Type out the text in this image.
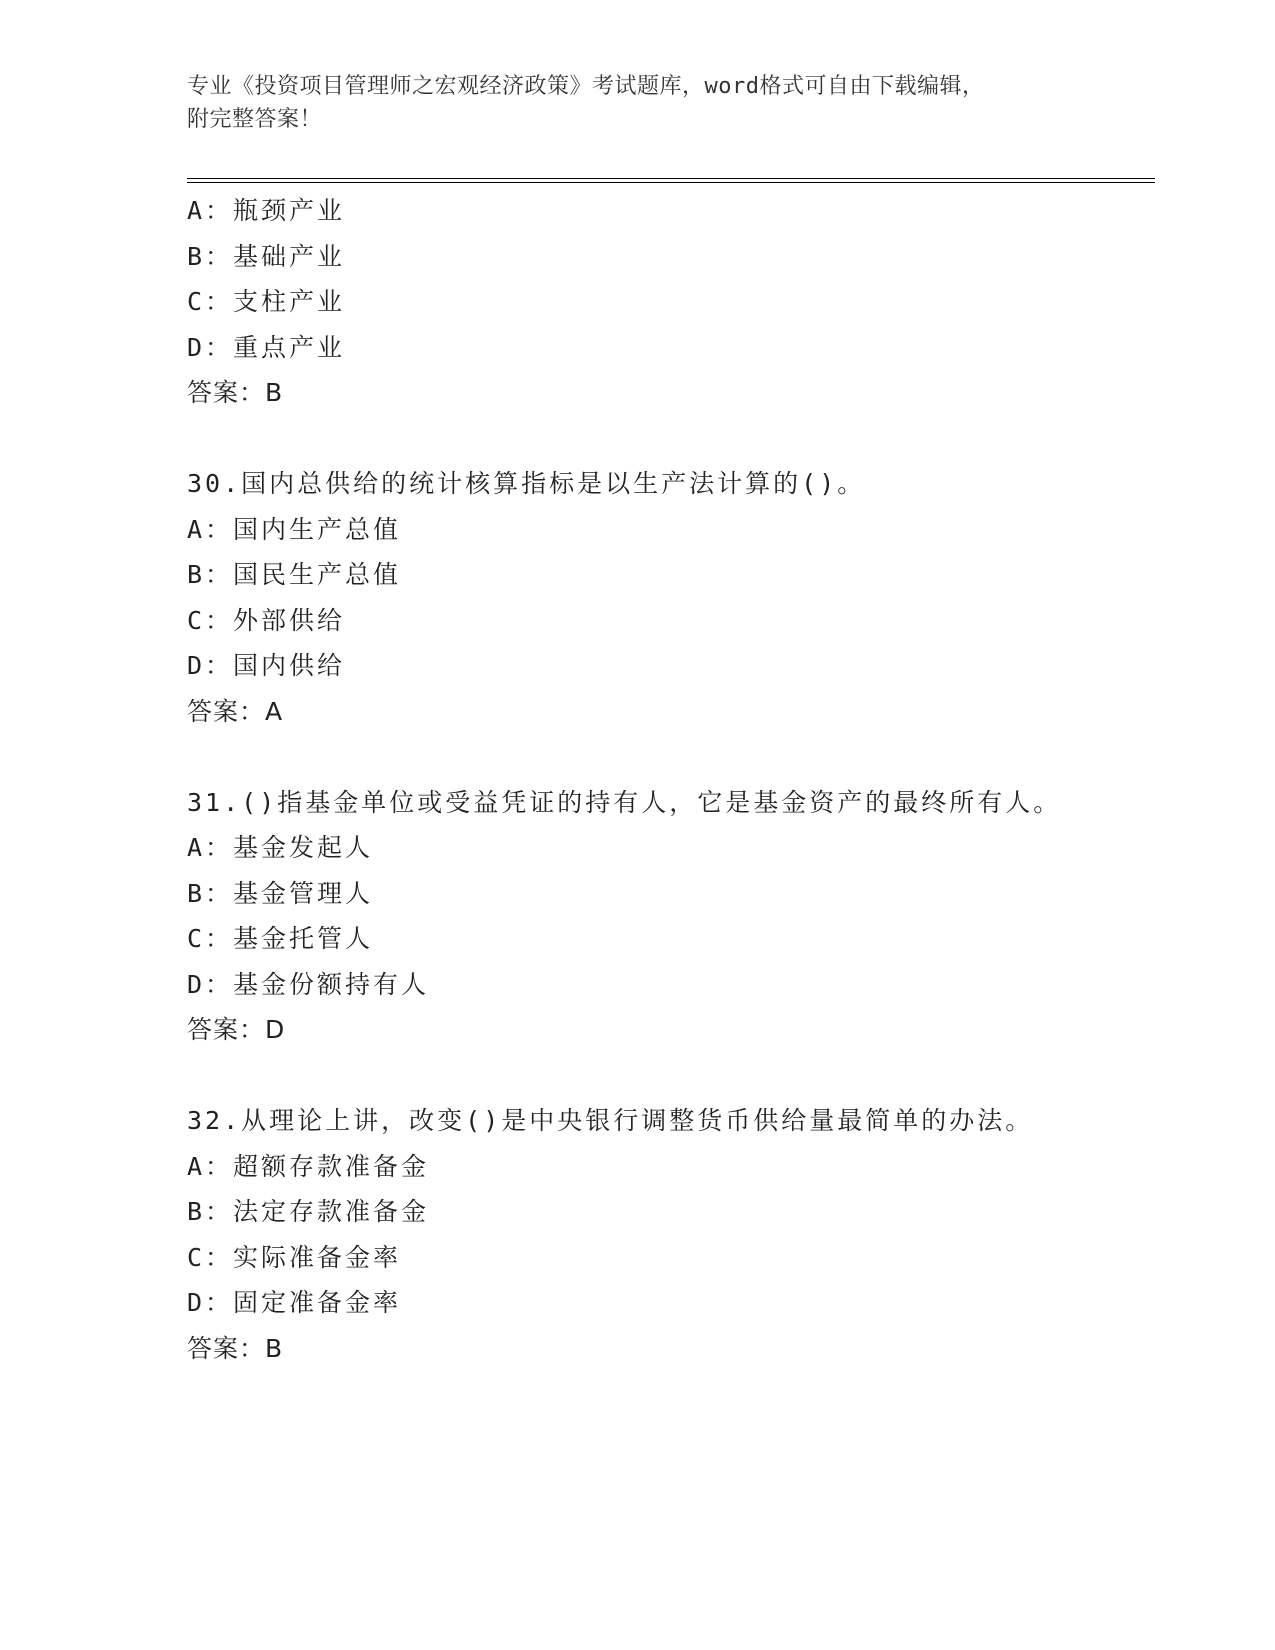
专业《投资项目管理师之宏观经济政策》考试题库，word格式可自由下载编辑，
附完整答案！
A：瓶颈产业
B：基础产业
C：支柱产业
D：重点产业
答案：B
30.国内总供给的统计核算指标是以生产法计算的()。
A：国内生产总值
B：国民生产总值
C：外部供给
D：国内供给
答案：A
31.()指基金单位或受益凭证的持有人，它是基金资产的最终所有人。
A：基金发起人
B：基金管理人
C：基金托管人
D：基金份额持有人
答案：D
32.从理论上讲，改变()是中央银行调整货币供给量最简单的办法。
A：超额存款准备金
B：法定存款准备金
C：实际准备金率
D：固定准备金率
答案：B
